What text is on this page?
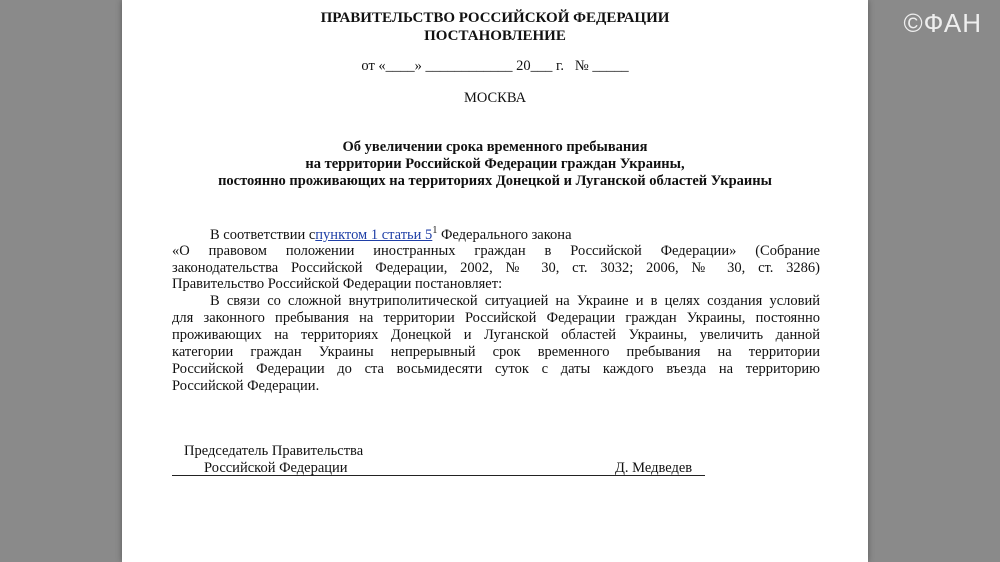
ПРАВИТЕЛЬСТВО РОССИЙСКОЙ ФЕДЕРАЦИИ
ПОСТАНОВЛЕНИЕ
от «____» ____________ 20___ г.   № _____
МОСКВА
Об увеличении срока временного пребывания
на территории Российской Федерации граждан Украины,
постоянно проживающих на территориях Донецкой и Луганской областей Украины
В соответствии спунктом 1 статьи $5^1$ Федерального закона
«О правовом положении иностранных граждан в Российской Федерации» (Собрание
законодательства Российской Федерации, 2002, № 30, ст. 3032; 2006, № 30, ст. 3286)
Правительство Российской Федерации постановляет:
В связи со сложной внутриполитической ситуацией на Украине и в целях создания условий
для законного пребывания на территории Российской Федерации граждан Украины, постоянно
проживающих на территориях Донецкой и Луганской областей Украины, увеличить данной
категории граждан Украины непрерывный срок временного пребывания на территории
Российской Федерации до ста восьмидесяти суток с даты каждого въезда на территорию
Российской Федерации.
Председатель Правительства
Российской Федерации	Д. Медведев
©ФАН
